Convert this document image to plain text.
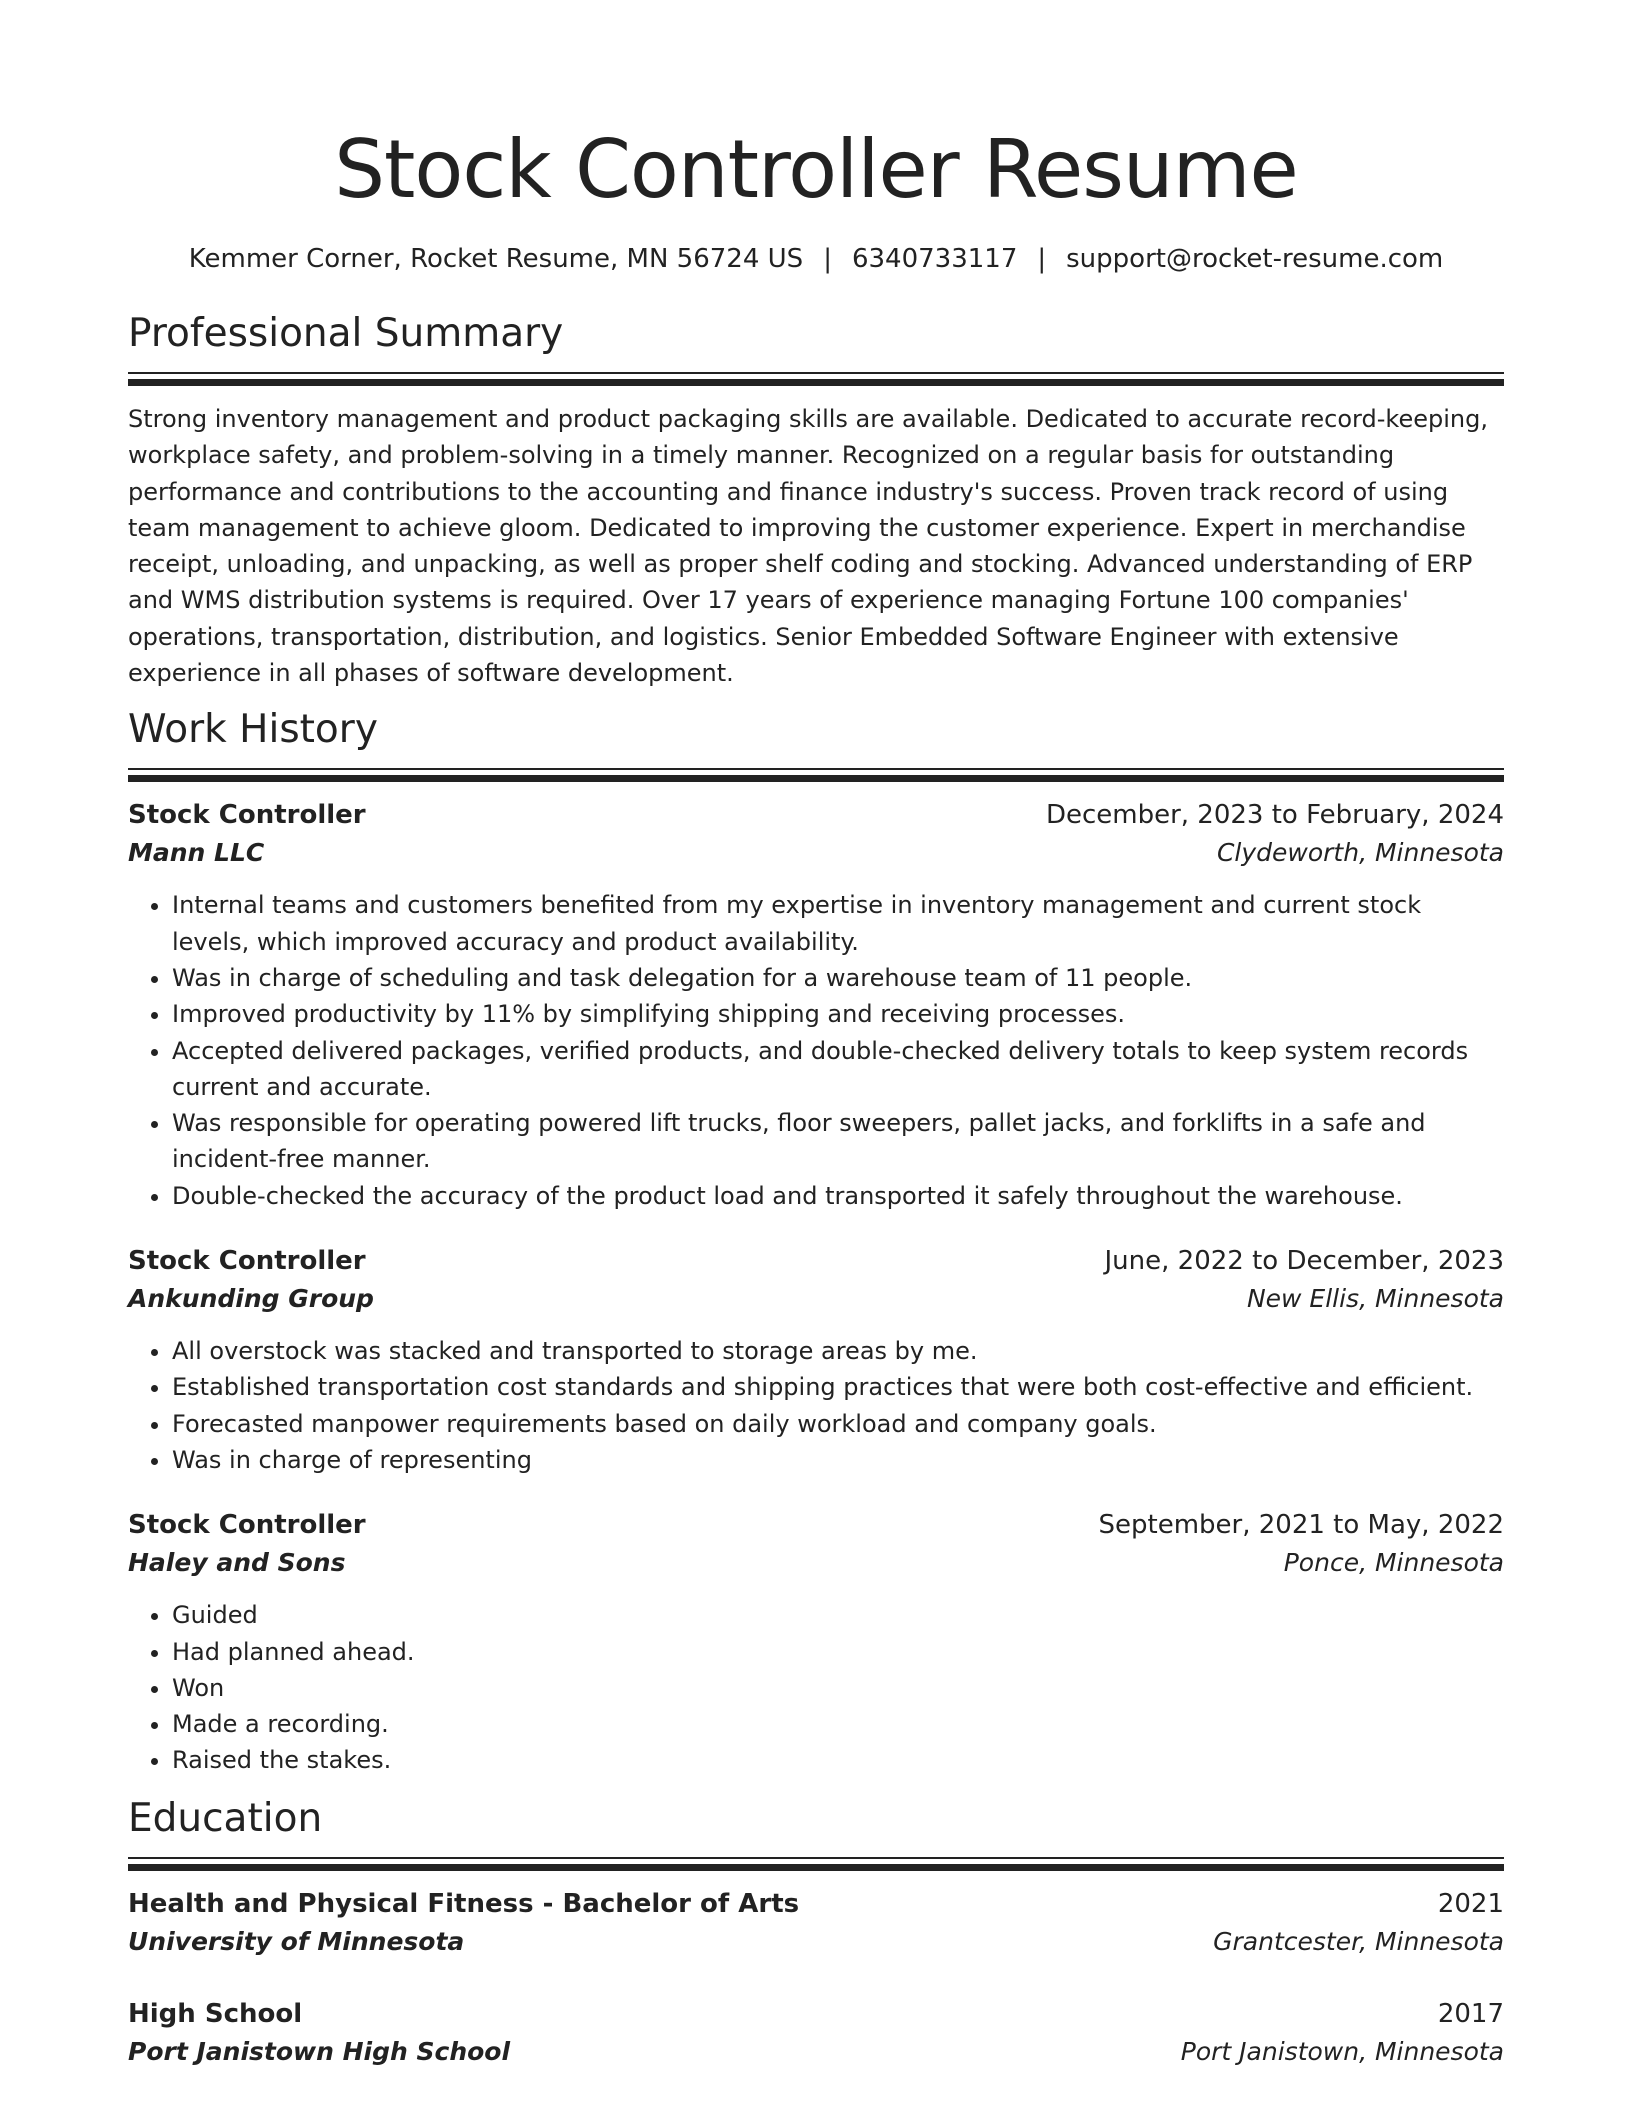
Stock Controller Resume
Kemmer Corner, Rocket Resume, MN 56724 US | 6340733117 | support@rocket-resume.com
Professional Summary

Strong inventory management and product packaging skills are available. Dedicated to accurate record-keeping, workplace safety, and problem-solving in a timely manner. Recognized on a regular basis for outstanding performance and contributions to the accounting and finance industry's success. Proven track record of using team management to achieve gloom. Dedicated to improving the customer experience. Expert in merchandise receipt, unloading, and unpacking, as well as proper shelf coding and stocking. Advanced understanding of ERP and WMS distribution systems is required. Over 17 years of experience managing Fortune 100 companies' operations, transportation, distribution, and logistics. Senior Embedded Software Engineer with extensive experience in all phases of software development.

Work History
Stock Controller	December, 2023 to February, 2024
Mann LLC	Clydeworth, Minnesota
• Internal teams and customers benefited from my expertise in inventory management and current stock levels, which improved accuracy and product availability.
• Was in charge of scheduling and task delegation for a warehouse team of 11 people.
• Improved productivity by 11% by simplifying shipping and receiving processes.
• Accepted delivered packages, verified products, and double-checked delivery totals to keep system records current and accurate.
• Was responsible for operating powered lift trucks, floor sweepers, pallet jacks, and forklifts in a safe and incident-free manner.
• Double-checked the accuracy of the product load and transported it safely throughout the warehouse.
Stock Controller	June, 2022 to December, 2023
Ankunding Group	New Ellis, Minnesota
• All overstock was stacked and transported to storage areas by me.
• Established transportation cost standards and shipping practices that were both cost-effective and efficient.
• Forecasted manpower requirements based on daily workload and company goals.
• Was in charge of representing
Stock Controller	September, 2021 to May, 2022
Haley and Sons	Ponce, Minnesota
• Guided
• Had planned ahead.
• Won
• Made a recording.
• Raised the stakes.
Education
Health and Physical Fitness - Bachelor of Arts	2021
University of Minnesota	Grantcester, Minnesota
High School	2017
Port Janistown High School	Port Janistown, Minnesota
